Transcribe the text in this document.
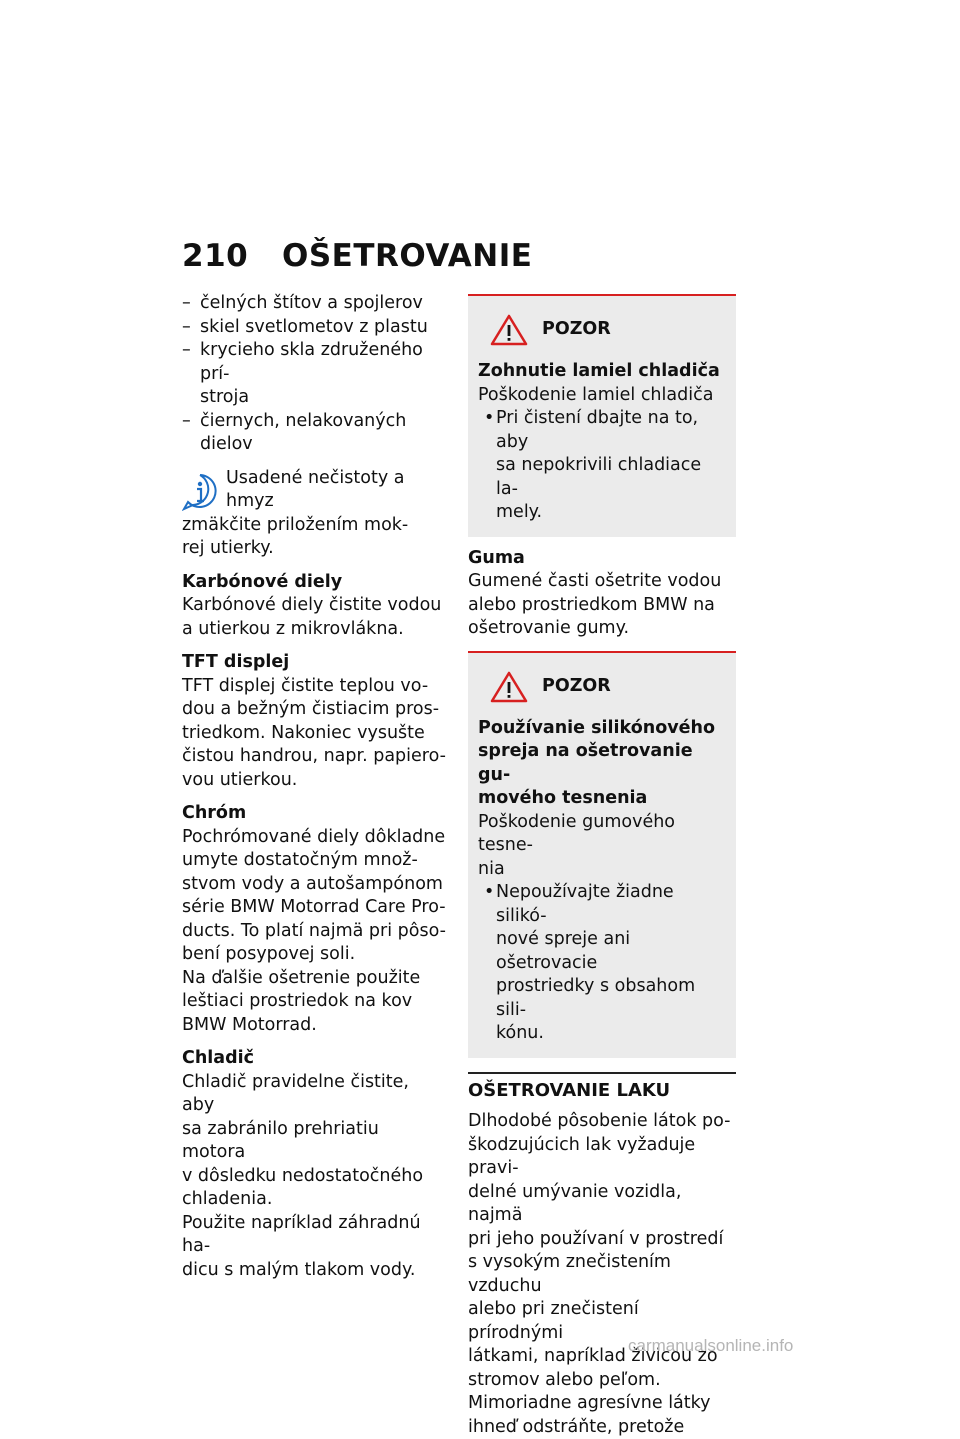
210 OŠETROVANIE
– čelných štítov a spojlerov
– skiel svetlometov z plastu
– krycieho skla združeného prí-
stroja
– čiernych, nelakovaných dielov
Usadené nečistoty a hmyz
zmäkčite priložením mok-
rej utierky.
Karbónové diely
Karbónové diely čistite vodou
a utierkou z mikrovlákna.
TFT displej
TFT displej čistite teplou vo-
dou a bežným čistiacim pros-
triedkom. Nakoniec vysušte
čistou handrou, napr. papiero-
vou utierkou.
Chróm
Pochrómované diely dôkladne
umyte dostatočným množ-
stvom vody a autošampónom
série BMW Motorrad Care Pro-
ducts. To platí najmä pri pôso-
bení posypovej soli.
Na ďalšie ošetrenie použite
leštiaci prostriedok na kov
BMW Motorrad.
Chladič
Chladič pravidelne čistite, aby
sa zabránilo prehriatiu motora
v dôsledku nedostatočného
chladenia.
Použite napríklad záhradnú ha-
dicu s malým tlakom vody.
POZOR
Zohnutie lamiel chladiča
Poškodenie lamiel chladiča
• Pri čistení dbajte na to, aby
sa nepokrivili chladiace la-
mely.
Guma
Gumené časti ošetrite vodou
alebo prostriedkom BMW na
ošetrovanie gumy.
POZOR
Používanie silikónového
spreja na ošetrovanie gu-
mového tesnenia
Poškodenie gumového tesne-
nia
• Nepoužívajte žiadne silikó-
nové spreje ani ošetrovacie
prostriedky s obsahom sili-
kónu.
OŠETROVANIE LAKU
Dlhodobé pôsobenie látok po-
škodzujúcich lak vyžaduje pravi-
delné umývanie vozidla, najmä
pri jeho používaní v prostredí
s vysokým znečistením vzduchu
alebo pri znečistení prírodnými
látkami, napríklad živicou zo
stromov alebo peľom.
Mimoriadne agresívne látky
ihneď odstráňte, pretože
carmanualsonline.info
